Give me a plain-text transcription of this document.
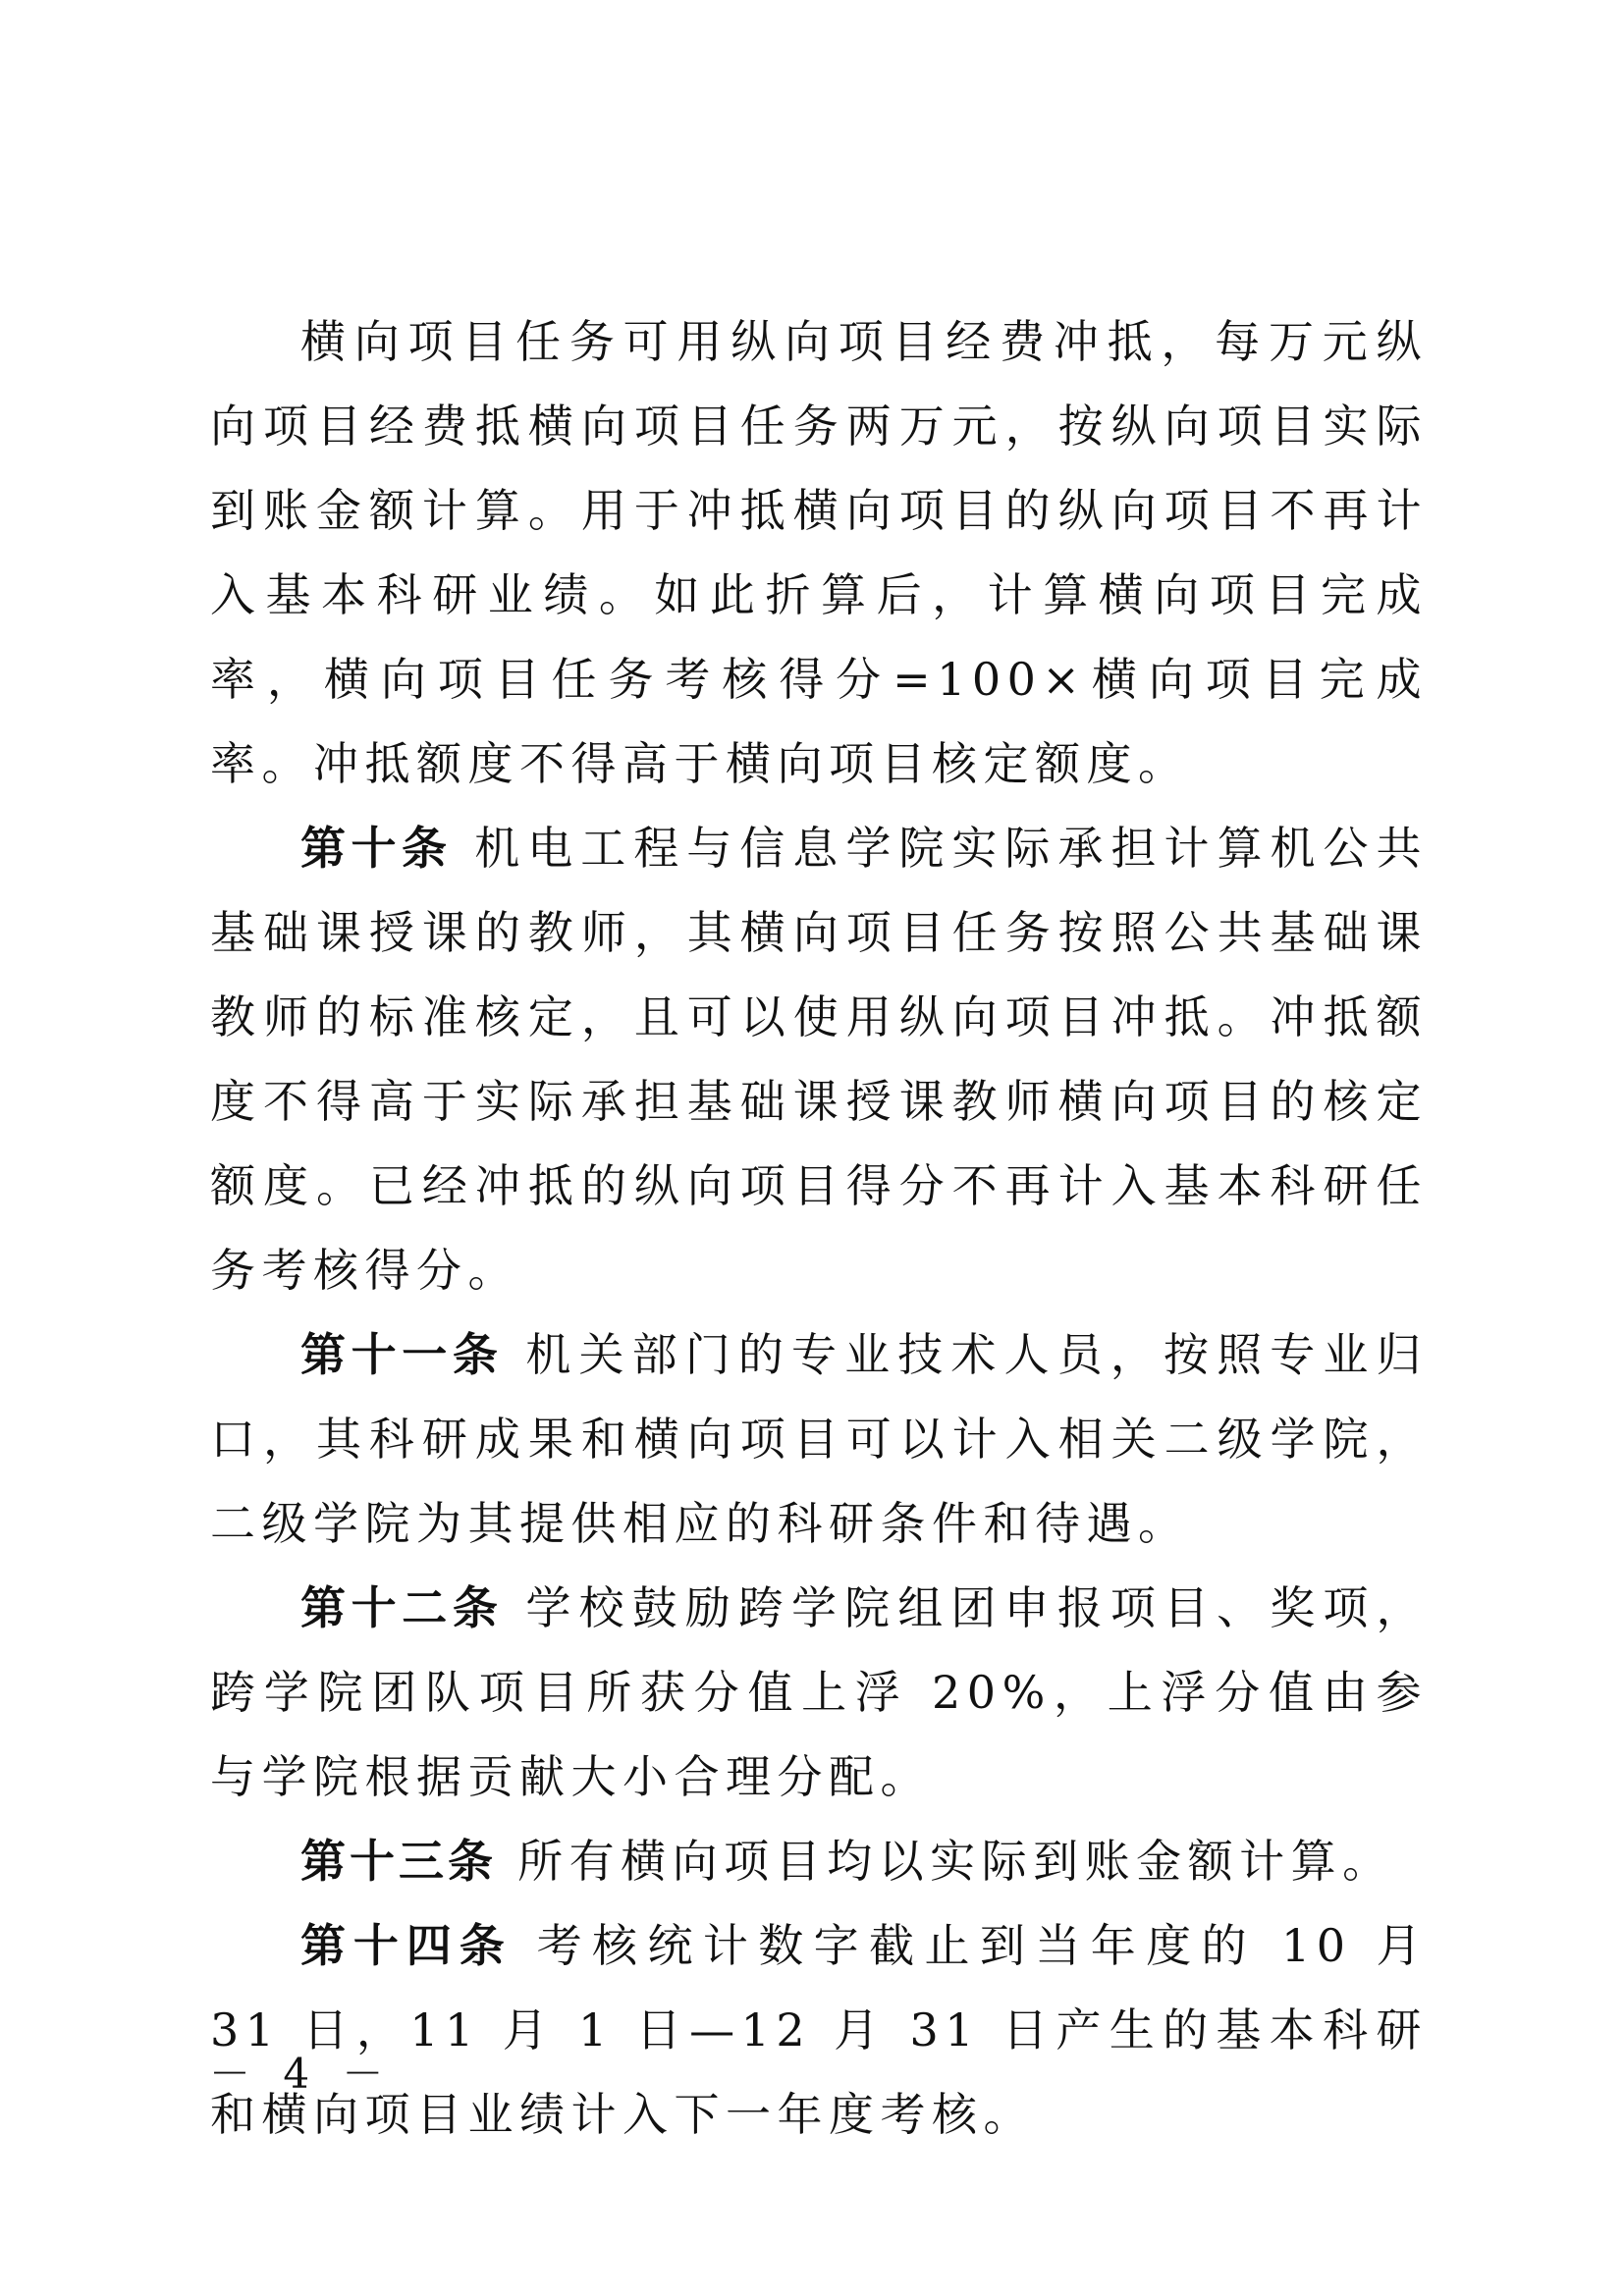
横向项目任务可用纵向项目经费冲抵，每万元纵向项目经费抵横向项目任务两万元，按纵向项目实际到账金额计算。用于冲抵横向项目的纵向项目不再计入基本科研业绩。如此折算后，计算横向项目完成率，横向项目任务考核得分=100×横向项目完成率。冲抵额度不得高于横向项目核定额度。

第十条 机电工程与信息学院实际承担计算机公共基础课授课的教师，其横向项目任务按照公共基础课教师的标准核定，且可以使用纵向项目冲抵。冲抵额度不得高于实际承担基础课授课教师横向项目的核定额度。已经冲抵的纵向项目得分不再计入基本科研任务考核得分。

第十一条 机关部门的专业技术人员，按照专业归口，其科研成果和横向项目可以计入相关二级学院，二级学院为其提供相应的科研条件和待遇。

第十二条 学校鼓励跨学院组团申报项目、奖项，跨学院团队项目所获分值上浮 20%，上浮分值由参与学院根据贡献大小合理分配。

第十三条 所有横向项目均以实际到账金额计算。

第十四条 考核统计数字截止到当年度的 10 月 31 日，11 月 1 日—12 月 31 日产生的基本科研和横向项目业绩计入下一年度考核。

－ 4 －
